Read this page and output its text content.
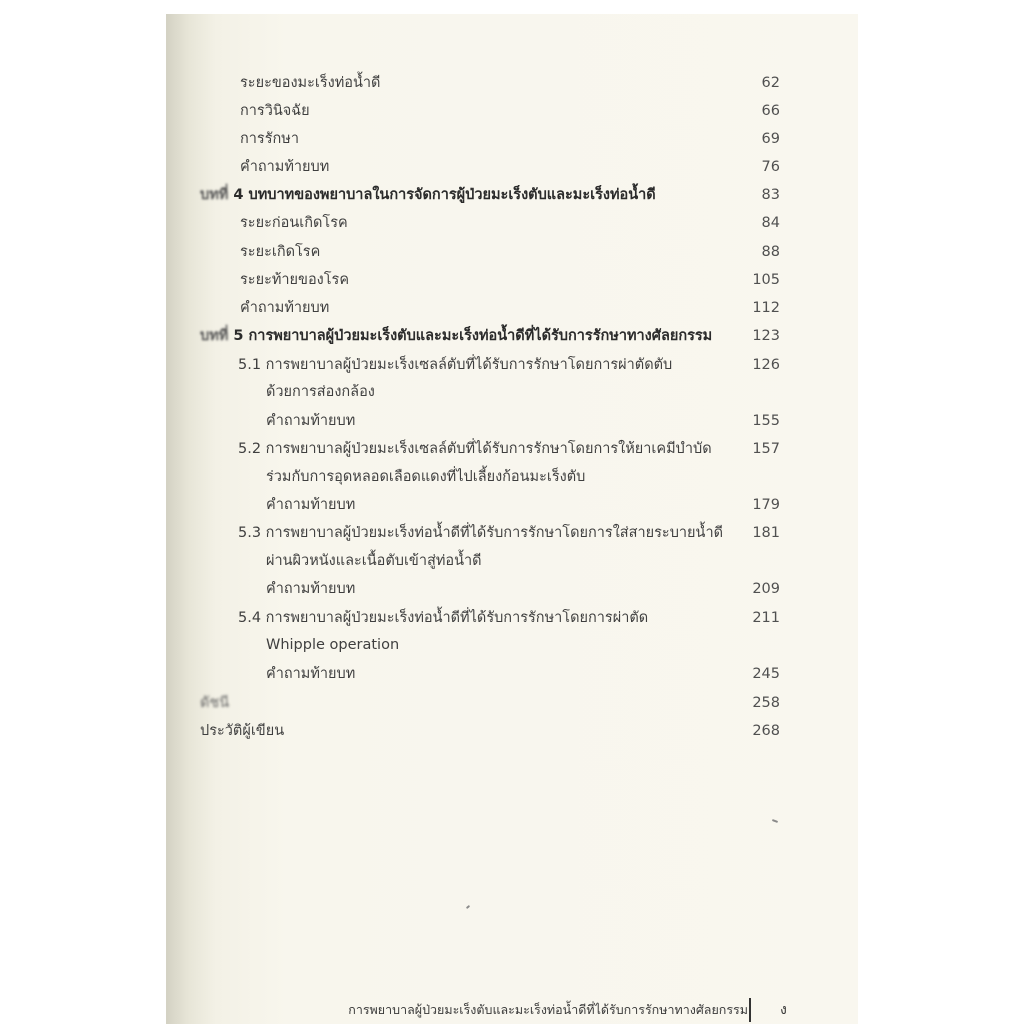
ระยะของมะเร็งท่อน้ำดี	62
การวินิจฉัย	66
การรักษา	69
คำถามท้ายบท	76
บทที่ 4 บทบาทของพยาบาลในการจัดการผู้ป่วยมะเร็งตับและมะเร็งท่อน้ำดี	83
ระยะก่อนเกิดโรค	84
ระยะเกิดโรค	88
ระยะท้ายของโรค	105
คำถามท้ายบท	112
บทที่ 5 การพยาบาลผู้ป่วยมะเร็งตับและมะเร็งท่อน้ำดีที่ได้รับการรักษาทางศัลยกรรม	123
5.1 การพยาบาลผู้ป่วยมะเร็งเซลล์ตับที่ได้รับการรักษาโดยการผ่าตัดตับ	126
ด้วยการส่องกล้อง
คำถามท้ายบท	155
5.2 การพยาบาลผู้ป่วยมะเร็งเซลล์ตับที่ได้รับการรักษาโดยการให้ยาเคมีบำบัด	157
ร่วมกับการอุดหลอดเลือดแดงที่ไปเลี้ยงก้อนมะเร็งตับ
คำถามท้ายบท	179
5.3 การพยาบาลผู้ป่วยมะเร็งท่อน้ำดีที่ได้รับการรักษาโดยการใส่สายระบายน้ำดี 181
ผ่านผิวหนังและเนื้อตับเข้าสู่ท่อน้ำดี
คำถามท้ายบท	209
5.4 การพยาบาลผู้ป่วยมะเร็งท่อน้ำดีที่ได้รับการรักษาโดยการผ่าตัด	211
Whipple operation
คำถามท้ายบท	245
ดัชนี	258
ประวัติผู้เขียน	268
การพยาบาลผู้ป่วยมะเร็งตับและมะเร็งท่อน้ำดีที่ได้รับการรักษาทางศัลยกรรม ง
